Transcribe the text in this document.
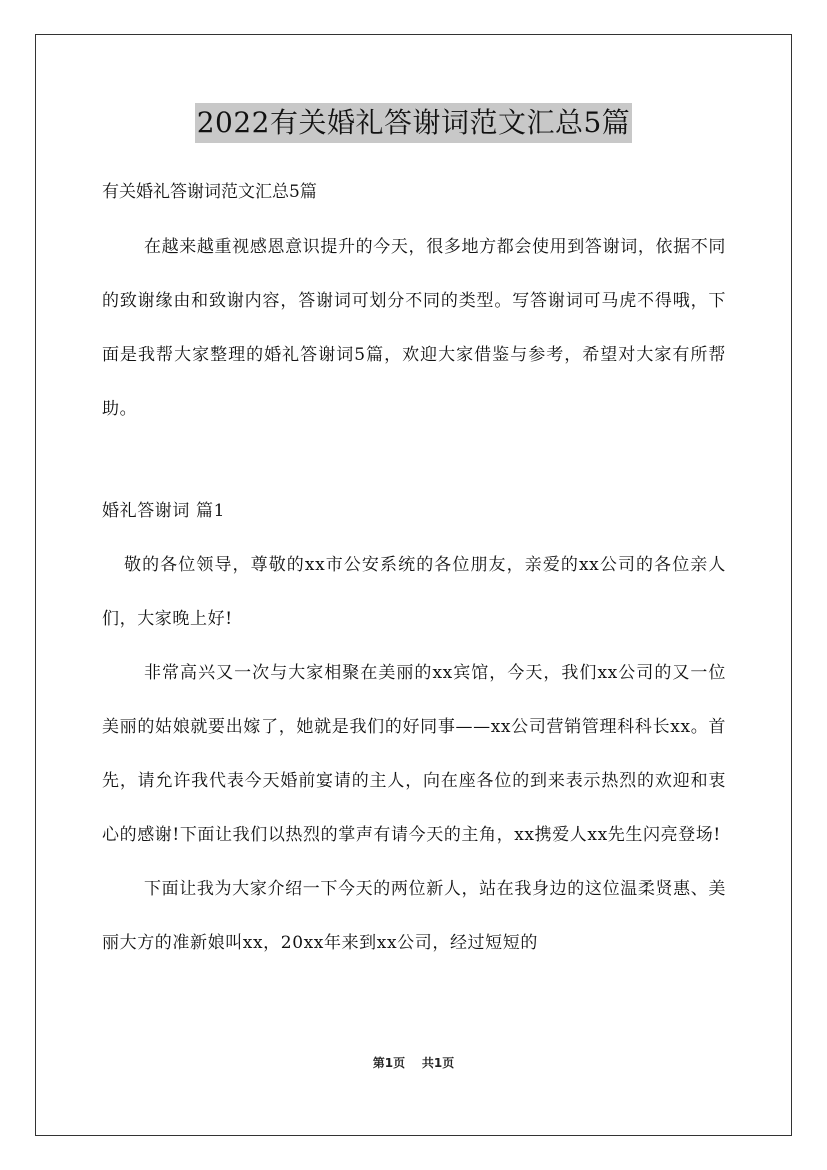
2022有关婚礼答谢词范文汇总5篇

有关婚礼答谢词范文汇总5篇

在越来越重视感恩意识提升的今天，很多地方都会使用到答谢词，依据不同的致谢缘由和致谢内容，答谢词可划分不同的类型。写答谢词可马虎不得哦，下面是我帮大家整理的婚礼答谢词5篇，欢迎大家借鉴与参考，希望对大家有所帮助。

婚礼答谢词 篇1

敬的各位领导，尊敬的xx市公安系统的各位朋友，亲爱的xx公司的各位亲人们，大家晚上好!

非常高兴又一次与大家相聚在美丽的xx宾馆，今天，我们xx公司的又一位美丽的姑娘就要出嫁了，她就是我们的好同事——xx公司营销管理科科长xx。首先，请允许我代表今天婚前宴请的主人，向在座各位的到来表示热烈的欢迎和衷心的感谢!下面让我们以热烈的掌声有请今天的主角，xx携爱人xx先生闪亮登场!

下面让我为大家介绍一下今天的两位新人，站在我身边的这位温柔贤惠、美丽大方的准新娘叫xx，20xx年来到xx公司，经过短短的

第1页 共1页
